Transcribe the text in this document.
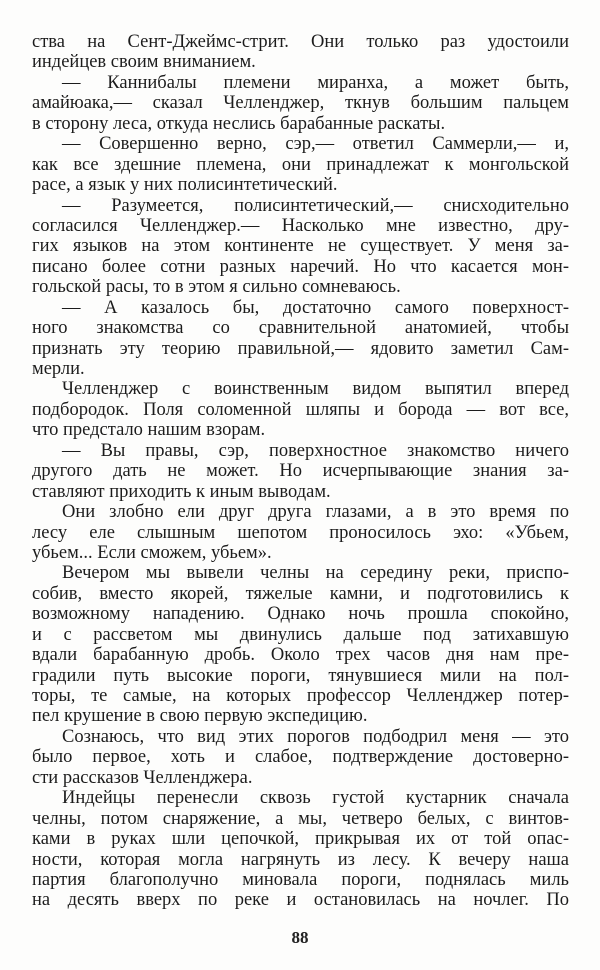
ства на Сент-Джеймс-стрит. Они только раз удостоили
индейцев своим вниманием.
— Каннибалы племени миранха, а может быть,
амайюака,— сказал Челленджер, ткнув большим пальцем
в сторону леса, откуда неслись барабанные раскаты.
— Совершенно верно, сэр,— ответил Саммерли,— и,
как все здешние племена, они принадлежат к монгольской
расе, а язык у них полисинтетический.
— Разумеется, полисинтетический,— снисходительно
согласился Челленджер.— Насколько мне известно, дру-
гих языков на этом континенте не существует. У меня за-
писано более сотни разных наречий. Но что касается мон-
гольской расы, то в этом я сильно сомневаюсь.
— А казалось бы, достаточно самого поверхност-
ного знакомства со сравнительной анатомией, чтобы
признать эту теорию правильной,— ядовито заметил Сам-
мерли.
Челленджер с воинственным видом выпятил вперед
подбородок. Поля соломенной шляпы и борода — вот все,
что предстало нашим взорам.
— Вы правы, сэр, поверхностное знакомство ничего
другого дать не может. Но исчерпывающие знания за-
ставляют приходить к иным выводам.
Они злобно ели друг друга глазами, а в это время по
лесу еле слышным шепотом проносилось эхо: «Убьем,
убьем... Если сможем, убьем».
Вечером мы вывели челны на середину реки, приспо-
собив, вместо якорей, тяжелые камни, и подготовились к
возможному нападению. Однако ночь прошла спокойно,
и с рассветом мы двинулись дальше под затихавшую
вдали барабанную дробь. Около трех часов дня нам пре-
градили путь высокие пороги, тянувшиеся мили на пол-
торы, те самые, на которых профессор Челленджер потер-
пел крушение в свою первую экспедицию.
Сознаюсь, что вид этих порогов подбодрил меня — это
было первое, хоть и слабое, подтверждение достоверно-
сти рассказов Челленджера.
Индейцы перенесли сквозь густой кустарник сначала
челны, потом снаряжение, а мы, четверо белых, с винтов-
ками в руках шли цепочкой, прикрывая их от той опас-
ности, которая могла нагрянуть из лесу. К вечеру наша
партия благополучно миновала пороги, поднялась миль
на десять вверх по реке и остановилась на ночлег. По
88
